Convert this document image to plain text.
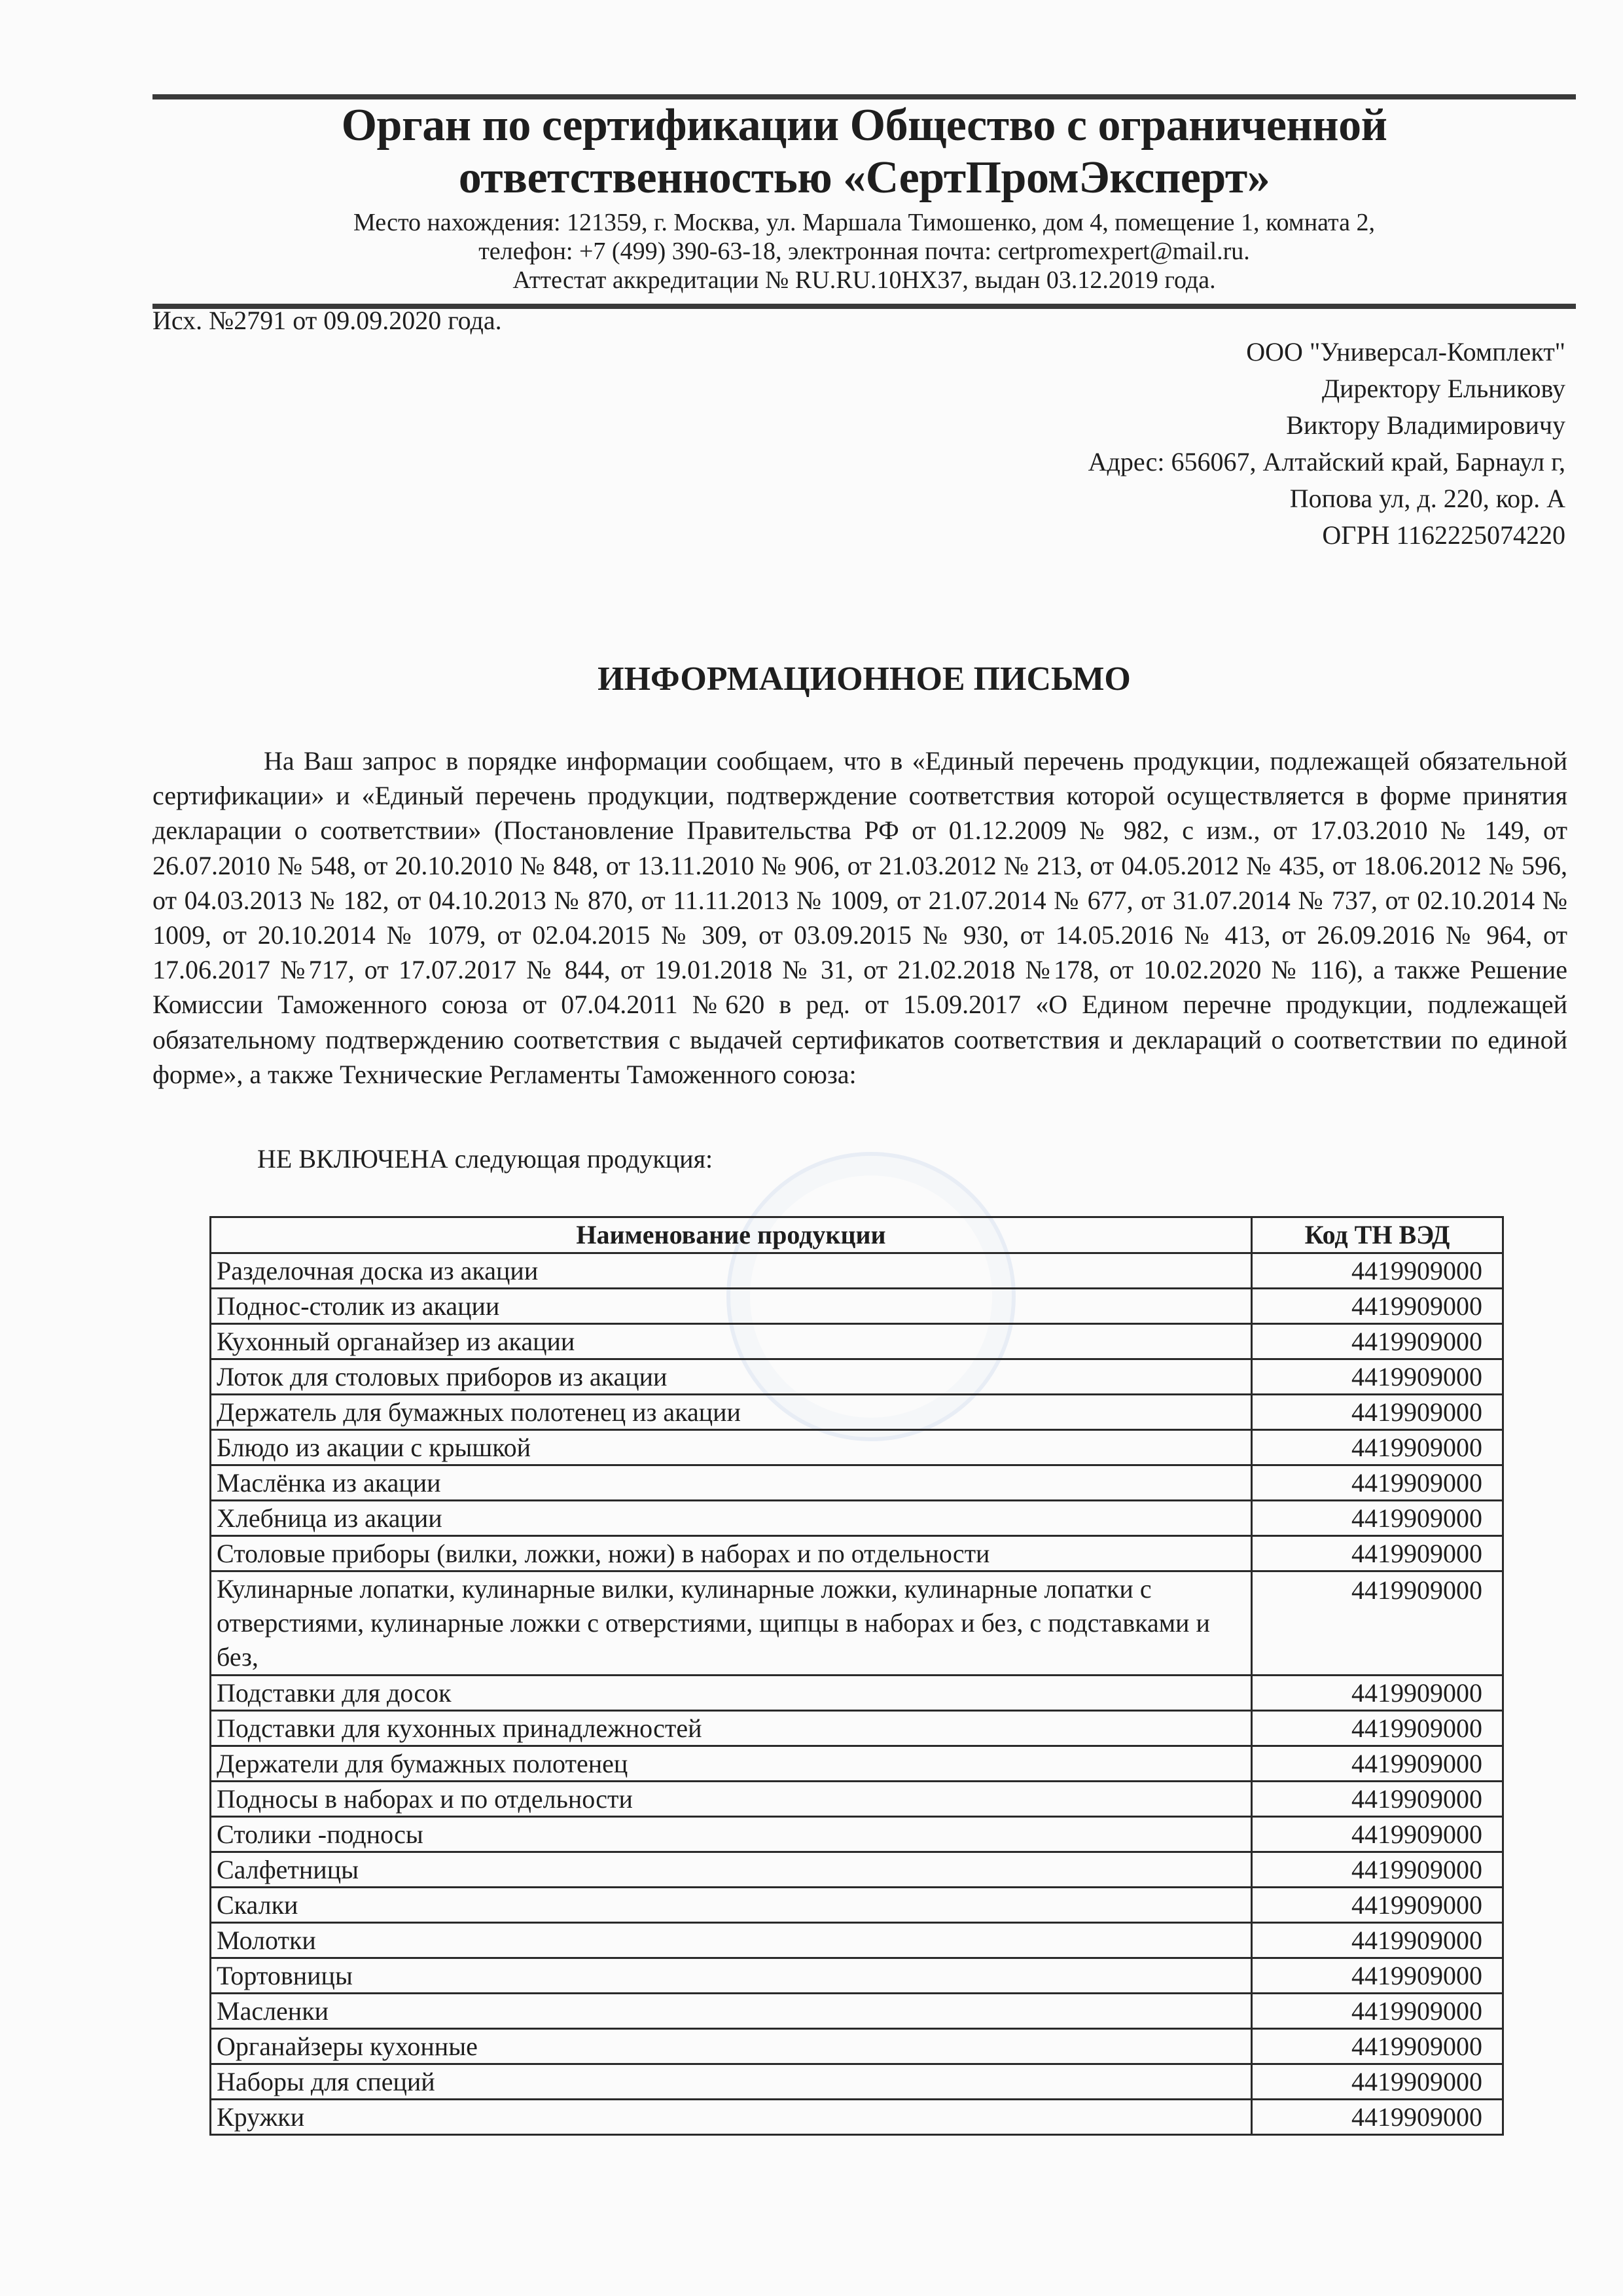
Орган по сертификации Общество с ограниченной
ответственностью «СертПромЭксперт»
Место нахождения: 121359, г. Москва, ул. Маршала Тимошенко, дом 4, помещение 1, комната 2,
телефон: +7 (499) 390-63-18, электронная почта: certpromexpert@mail.ru.
Аттестат аккредитации № RU.RU.10НХ37, выдан 03.12.2019 года.
Исх. №2791 от 09.09.2020 года.
ООО "Универсал-Комплект"
Директору Ельникову
Виктору Владимировичу
Адрес: 656067, Алтайский край, Барнаул г,
Попова ул, д. 220, кор. А
ОГРН 1162225074220
ИНФОРМАЦИОННОЕ ПИСЬМО
На Ваш запрос в порядке информации сообщаем, что в «Единый перечень продукции, подлежащей обязательной сертификации» и «Единый перечень продукции, подтверждение соответствия которой осуществляется в форме принятия декларации о соответствии» (Постановление Правительства РФ от 01.12.2009 № 982, с изм., от 17.03.2010 № 149, от 26.07.2010 № 548, от 20.10.2010 № 848, от 13.11.2010 № 906, от 21.03.2012 № 213, от 04.05.2012 № 435, от 18.06.2012 № 596, от 04.03.2013 № 182, от 04.10.2013 № 870, от 11.11.2013 № 1009, от 21.07.2014 № 677, от 31.07.2014 № 737, от 02.10.2014 № 1009, от 20.10.2014 № 1079, от 02.04.2015 № 309, от 03.09.2015 № 930, от 14.05.2016 № 413, от 26.09.2016 № 964, от 17.06.2017 №717, от 17.07.2017 № 844, от 19.01.2018 № 31, от 21.02.2018 №178, от 10.02.2020 № 116), а также Решение Комиссии Таможенного союза от 07.04.2011 №620 в ред. от 15.09.2017 «О Едином перечне продукции, подлежащей обязательному подтверждению соответствия с выдачей сертификатов соответствия и деклараций о соответствии по единой форме», а также Технические Регламенты Таможенного союза:
НЕ ВКЛЮЧЕНА следующая продукция:
Наименование продукции	Код ТН ВЭД
Разделочная доска из акации	4419909000
Поднос-столик из акации	4419909000
Кухонный органайзер из акации	4419909000
Лоток для столовых приборов из акации	4419909000
Держатель для бумажных полотенец из акации	4419909000
Блюдо из акации с крышкой	4419909000
Маслёнка из акации	4419909000
Хлебница из акации	4419909000
Столовые приборы (вилки, ложки, ножи) в наборах и по отдельности	4419909000
Кулинарные лопатки, кулинарные вилки, кулинарные ложки, кулинарные лопатки с отверстиями, кулинарные ложки с отверстиями, щипцы в наборах и без, с подставками и без,	4419909000
Подставки для досок	4419909000
Подставки для кухонных принадлежностей	4419909000
Держатели для бумажных полотенец	4419909000
Подносы в наборах и по отдельности	4419909000
Столики -подносы	4419909000
Салфетницы	4419909000
Скалки	4419909000
Молотки	4419909000
Тортовницы	4419909000
Масленки	4419909000
Органайзеры кухонные	4419909000
Наборы для специй	4419909000
Кружки	4419909000
